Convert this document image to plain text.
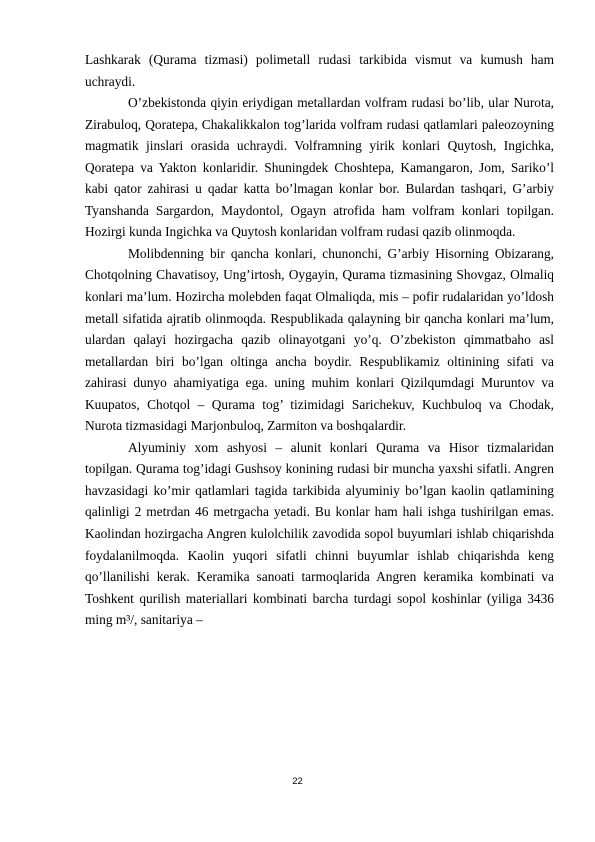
Lashkarak (Qurama tizmasi) polimetall rudasi tarkibida vismut va kumush ham uchraydi.

O’zbekistonda qiyin eriydigan metallardan volfram rudasi bo’lib, ular Nurota, Zirabuloq, Qoratepa, Chakalikkalon tog’larida volfram rudasi qatlamlari paleozoyning magmatik jinslari orasida uchraydi. Volframning yirik konlari Quytosh, Ingichka, Qoratepa va Yakton konlaridir. Shuningdek Choshtepa, Kamangaron, Jom, Sariko’l kabi qator zahirasi u qadar katta bo’lmagan konlar bor. Bulardan tashqari, G’arbiy Tyanshanda Sargardon, Maydontol, Ogayn atrofida ham volfram konlari topilgan. Hozirgi kunda Ingichka va Quytosh konlaridan volfram rudasi qazib olinmoqda.

Molibdenning bir qancha konlari, chunonchi, G’arbiy Hisorning Obizarang, Chotqolning Chavatisoy, Ung’irtosh, Oygayin, Qurama tizmasining Shovgaz, Olmaliq konlari ma’lum. Hozircha molebden faqat Olmaliqda, mis – pofir rudalaridan yo’ldosh metall sifatida ajratib olinmoqda. Respublikada qalayning bir qancha konlari ma’lum, ulardan qalayi hozirgacha qazib olinayotgani yo’q. O’zbekiston qimmatbaho asl metallardan biri bo’lgan oltinga ancha boydir. Respublikamiz oltinining sifati va zahirasi dunyo ahamiyatiga ega. uning muhim konlari Qizilqumdagi Muruntov va Kuupatos, Chotqol – Qurama tog’ tizimidagi Sarichekuv, Kuchbuloq va Chodak, Nurota tizmasidagi Marjonbuloq, Zarmiton va boshqalardir.

Alyuminiy xom ashyosi – alunit konlari Qurama va Hisor tizmalaridan topilgan. Qurama tog’idagi Gushsoy konining rudasi bir muncha yaxshi sifatli. Angren havzasidagi ko’mir qatlamlari tagida tarkibida alyuminiy bo’lgan kaolin qatlamining qalinligi 2 metrdan 46 metrgacha yetadi. Bu konlar ham hali ishga tushirilgan emas. Kaolindan hozirgacha Angren kulolchilik zavodida sopol buyumlari ishlab chiqarishda foydalanilmoqda. Kaolin yuqori sifatli chinni buyumlar ishlab chiqarishda keng qo’llanilishi kerak. Keramika sanoati tarmoqlarida Angren keramika kombinati va Toshkent qurilish materiallari kombinati barcha turdagi sopol koshinlar (yiliga 3436 ming m³/, sanitariya –

22
